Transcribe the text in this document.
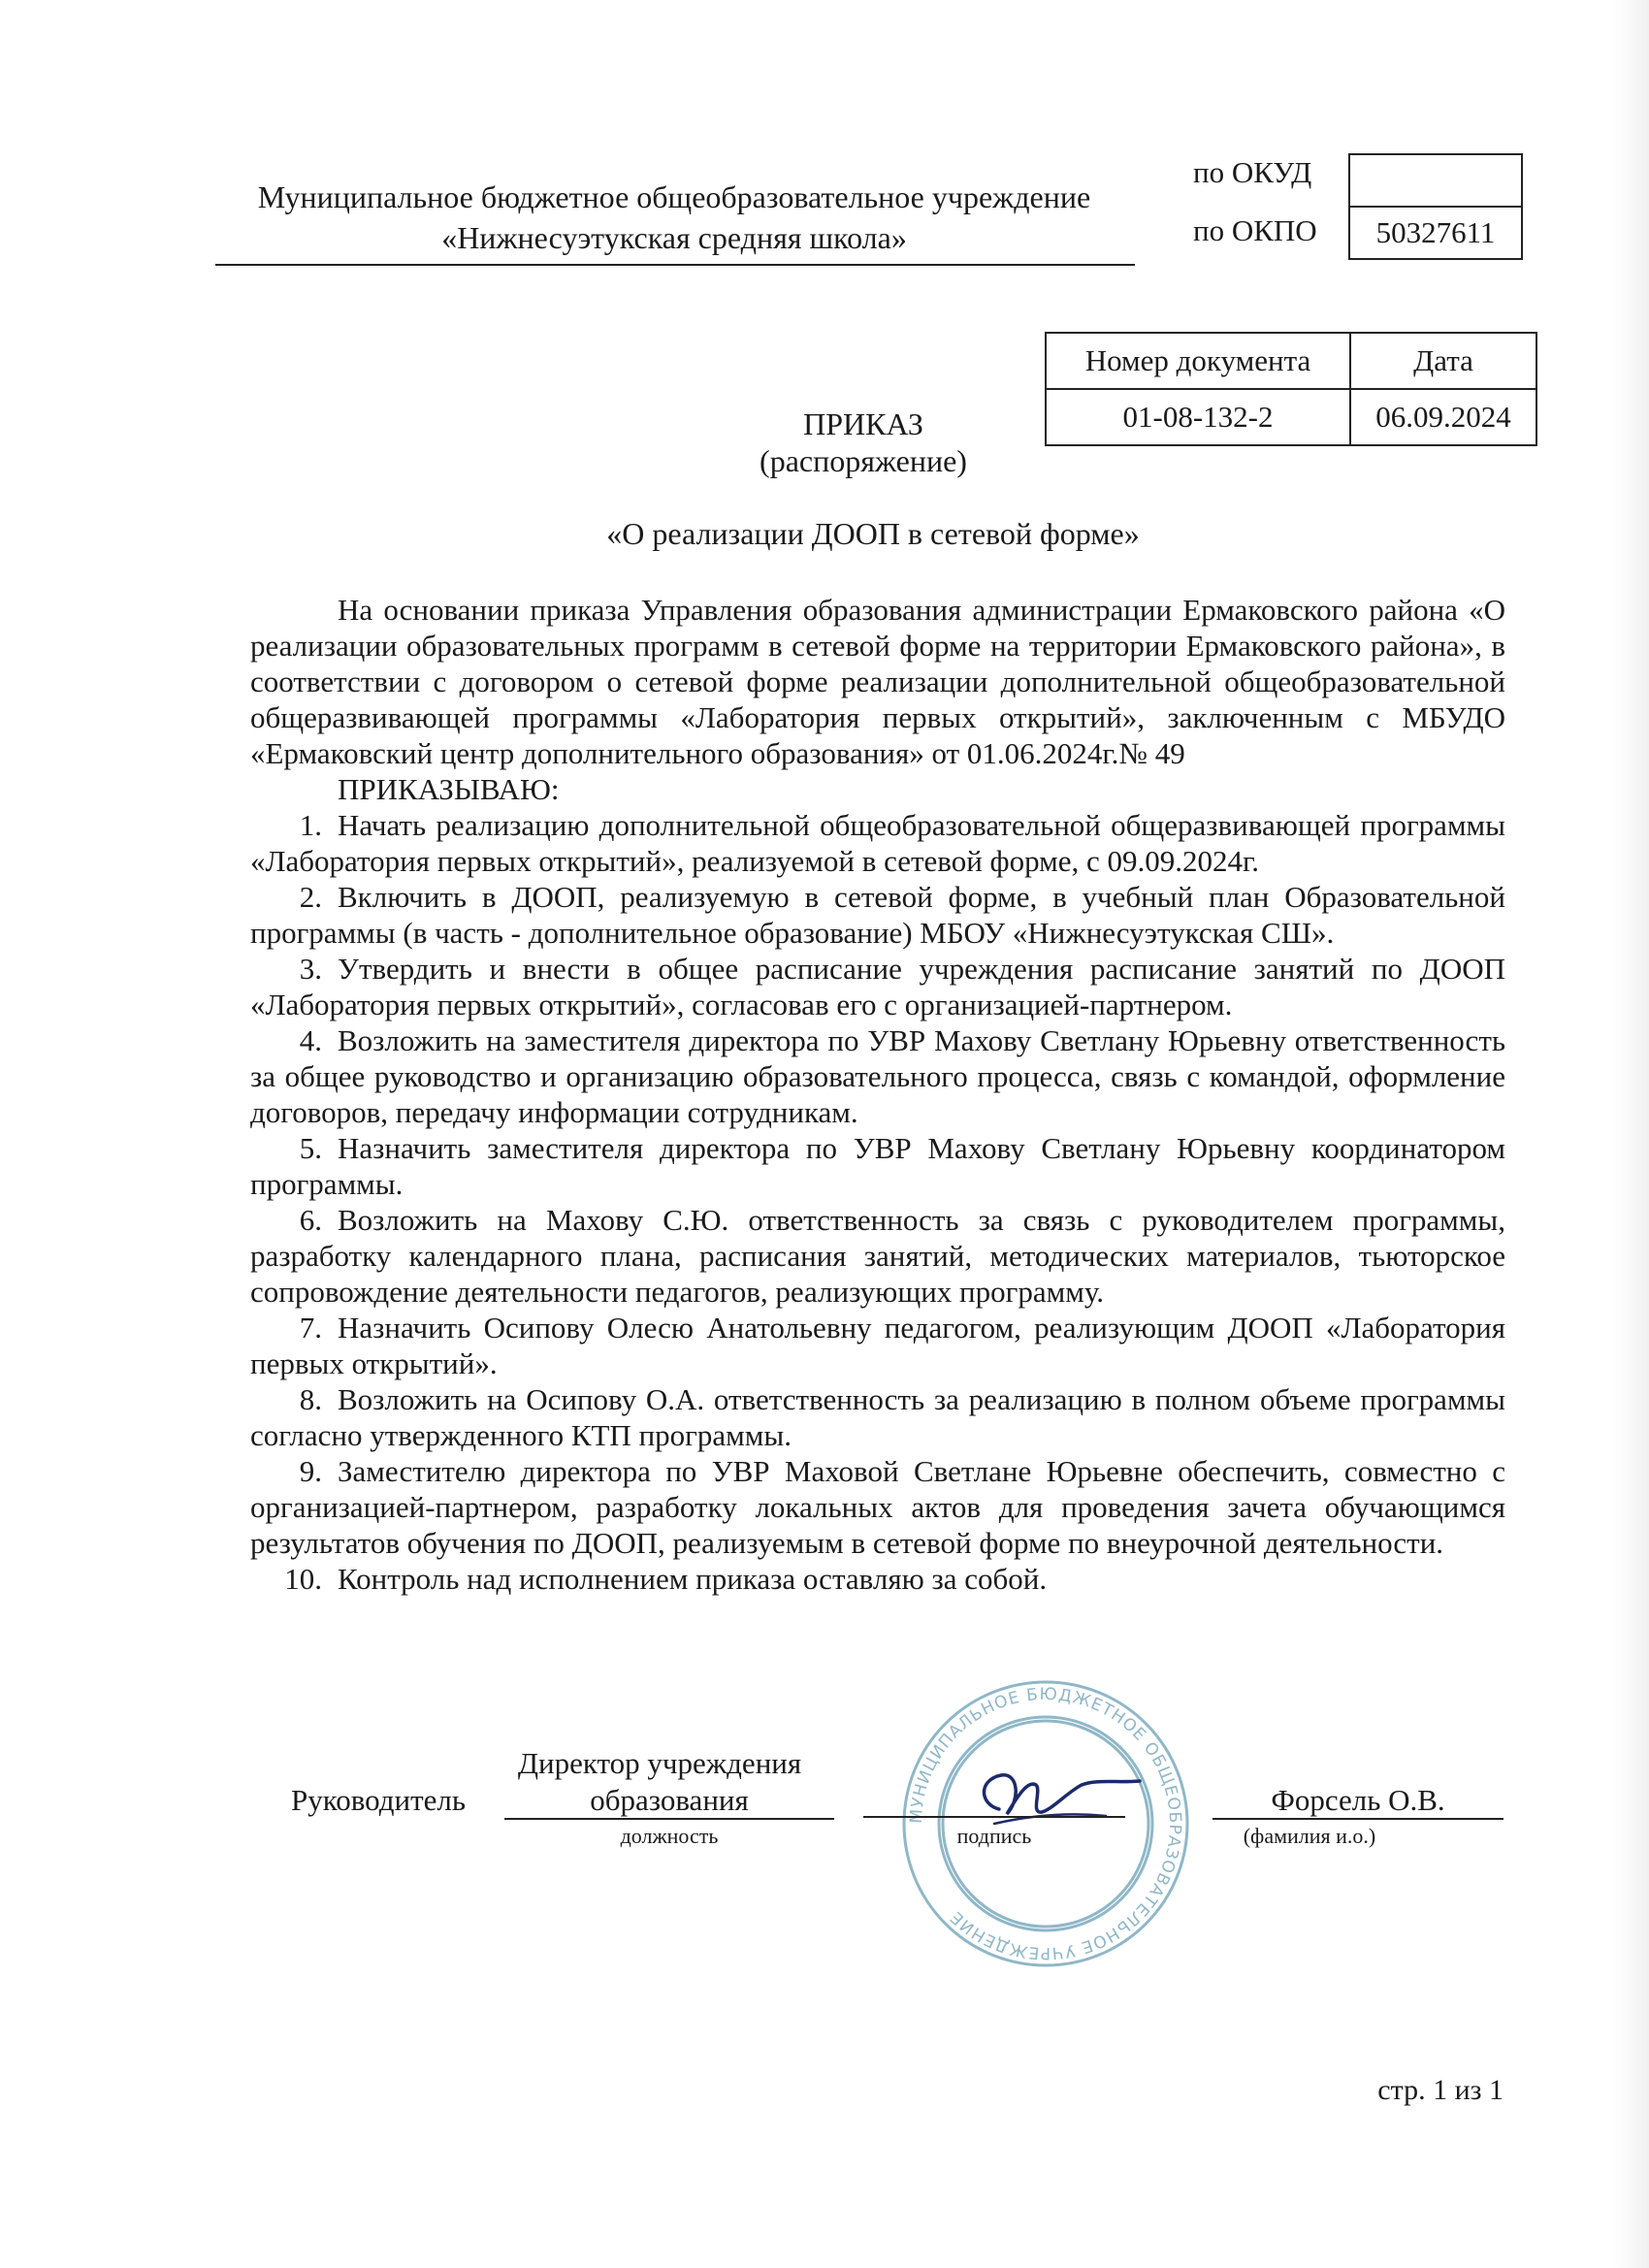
Муниципальное бюджетное общеобразовательное учреждение
«Нижнесуэтукская средняя школа»
по ОКУД
по ОКПО 50327611
Номер документа	Дата
01-08-132-2	06.09.2024
ПРИКАЗ
(распоряжение)
«О реализации ДООП в сетевой форме»

На основании приказа Управления образования администрации Ермаковского района «О реализации образовательных программ в сетевой форме на территории Ермаковского района», в соответствии с договором о сетевой форме реализации дополнительной общеобразовательной общеразвивающей программы «Лаборатория первых открытий», заключенным с МБУДО «Ермаковский центр дополнительного образования» от 01.06.2024г.№ 49

ПРИКАЗЫВАЮ:

1. Начать реализацию дополнительной общеобразовательной общеразвивающей программы «Лаборатория первых открытий», реализуемой в сетевой форме, с 09.09.2024г.
2. Включить в ДООП, реализуемую в сетевой форме, в учебный план Образовательной программы (в часть - дополнительное образование) МБОУ «Нижнесуэтукская СШ».
3. Утвердить и внести в общее расписание учреждения расписание занятий по ДООП «Лаборатория первых открытий», согласовав его с организацией-партнером.
4. Возложить на заместителя директора по УВР Махову Светлану Юрьевну ответственность за общее руководство и организацию образовательного процесса, связь с командой, оформление договоров, передачу информации сотрудникам.
5. Назначить заместителя директора по УВР Махову Светлану Юрьевну координатором программы.
6. Возложить на Махову С.Ю. ответственность за связь с руководителем программы, разработку календарного плана, расписания занятий, методических материалов, тьюторское сопровождение деятельности педагогов, реализующих программу.
7. Назначить Осипову Олесю Анатольевну педагогом, реализующим ДООП «Лаборатория первых открытий».
8. Возложить на Осипову О.А. ответственность за реализацию в полном объеме программы согласно утвержденного КТП программы.
9. Заместителю директора по УВР Маховой Светлане Юрьевне обеспечить, совместно с организацией-партнером, разработку локальных актов для проведения зачета обучающимся результатов обучения по ДООП, реализуемым в сетевой форме по внеурочной деятельности.
10. Контроль над исполнением приказа оставляю за собой.
МУНИЦИПАЛЬНОЕ БЮДЖЕТНОЕ ОБЩЕОБРАЗОВАТЕЛЬНОЕ УЧРЕЖДЕНИЕ
Руководитель
Директор учреждения
образования
должность	подпись
Форсель О.В.
(фамилия и.о.)
стр. 1 из 1
